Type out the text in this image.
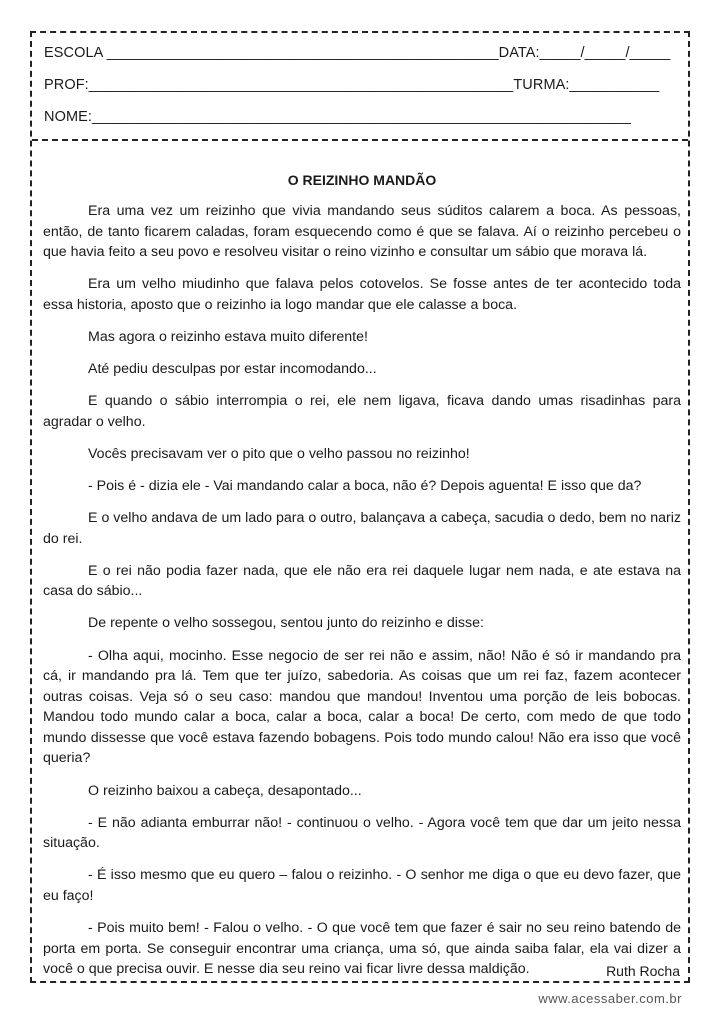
ESCOLA ________________________________________________DATA:_____/_____/_____
PROF:____________________________________________________TURMA:___________
NOME:__________________________________________________________________
O REIZINHO MANDÃO

Era uma vez um reizinho que vivia mandando seus súditos calarem a boca. As pessoas, então, de tanto ficarem caladas, foram esquecendo como é que se falava. Aí o reizinho percebeu o que havia feito a seu povo e resolveu visitar o reino vizinho e consultar um sábio que morava lá.

Era um velho miudinho que falava pelos cotovelos. Se fosse antes de ter acontecido toda essa historia, aposto que o reizinho ia logo mandar que ele calasse a boca.

Mas agora o reizinho estava muito diferente!

Até pediu desculpas por estar incomodando...

E quando o sábio interrompia o rei, ele nem ligava, ficava dando umas risadinhas para agradar o velho.

Vocês precisavam ver o pito que o velho passou no reizinho!

- Pois é - dizia ele - Vai mandando calar a boca, não é? Depois aguenta! E isso que da?

E o velho andava de um lado para o outro, balançava a cabeça, sacudia o dedo, bem no nariz do rei.

E o rei não podia fazer nada, que ele não era rei daquele lugar nem nada, e ate estava na casa do sábio...

De repente o velho sossegou, sentou junto do reizinho e disse:

- Olha aqui, mocinho. Esse negocio de ser rei não e assim, não! Não é só ir mandando pra cá, ir mandando pra lá. Tem que ter juízo, sabedoria. As coisas que um rei faz, fazem acontecer outras coisas. Veja só o seu caso: mandou que mandou! Inventou uma porção de leis bobocas. Mandou todo mundo calar a boca, calar a boca, calar a boca! De certo, com medo de que todo mundo dissesse que você estava fazendo bobagens. Pois todo mundo calou! Não era isso que você queria?

O reizinho baixou a cabeça, desapontado...

- E não adianta emburrar não! - continuou o velho. - Agora você tem que dar um jeito nessa situação.

- É isso mesmo que eu quero – falou o reizinho. - O senhor me diga o que eu devo fazer, que eu faço!

- Pois muito bem! - Falou o velho. - O que você tem que fazer é sair no seu reino batendo de porta em porta. Se conseguir encontrar uma criança, uma só, que ainda saiba falar, ela vai dizer a você o que precisa ouvir. E nesse dia seu reino vai ficar livre dessa maldição.	Ruth Rocha
www.acessaber.com.br
